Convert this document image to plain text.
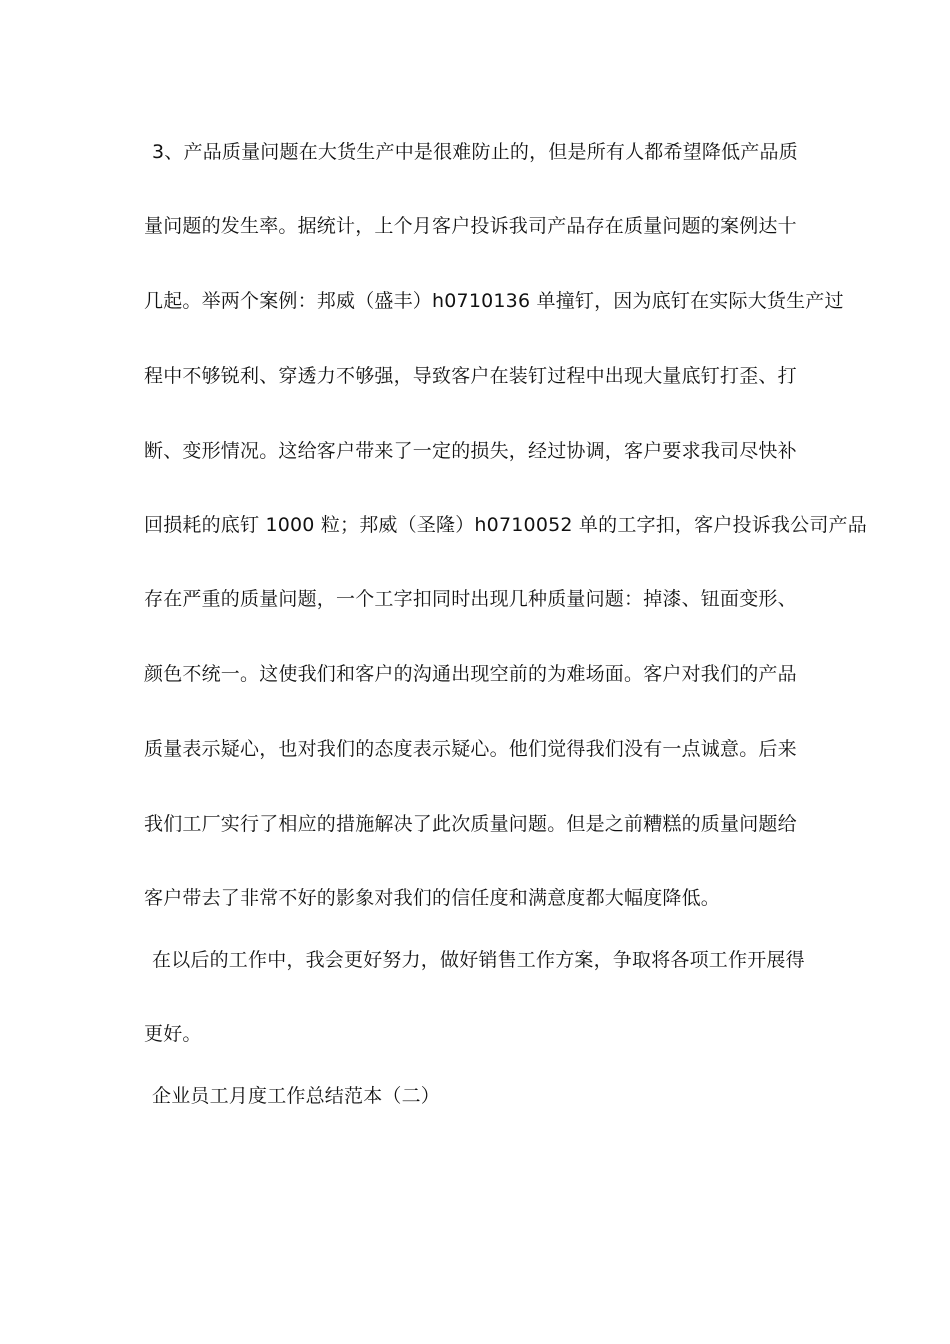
3、产品质量问题在大货生产中是很难防止的，但是所有人都希望降低产品质
量问题的发生率。据统计，上个月客户投诉我司产品存在质量问题的案例达十
几起。举两个案例：邦威（盛丰）h0710136 单撞钉，因为底钉在实际大货生产过
程中不够锐利、穿透力不够强，导致客户在装钉过程中出现大量底钉打歪、打
断、变形情况。这给客户带来了一定的损失，经过协调，客户要求我司尽快补
回损耗的底钉 1000 粒；邦威（圣隆）h0710052 单的工字扣，客户投诉我公司产品
存在严重的质量问题，一个工字扣同时出现几种质量问题：掉漆、钮面变形、
颜色不统一。这使我们和客户的沟通出现空前的为难场面。客户对我们的产品
质量表示疑心，也对我们的态度表示疑心。他们觉得我们没有一点诚意。后来
我们工厂实行了相应的措施解决了此次质量问题。但是之前糟糕的质量问题给
客户带去了非常不好的影象对我们的信任度和满意度都大幅度降低。
在以后的工作中，我会更好努力，做好销售工作方案，争取将各项工作开展得
更好。
企业员工月度工作总结范本（二）
